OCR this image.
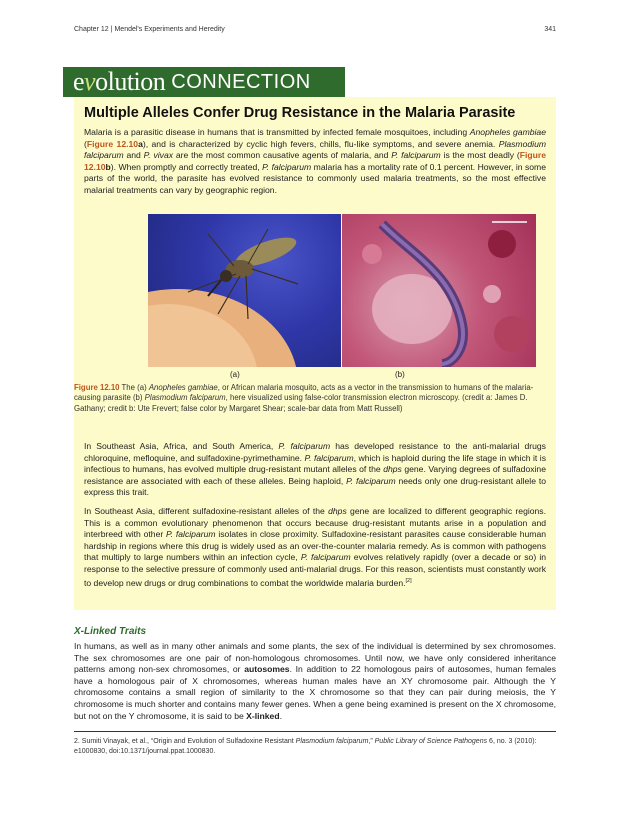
Chapter 12 | Mendel's Experiments and Heredity	341
evolution CONNECTION
Multiple Alleles Confer Drug Resistance in the Malaria Parasite

Malaria is a parasitic disease in humans that is transmitted by infected female mosquitoes, including Anopheles gambiae (Figure 12.10a), and is characterized by cyclic high fevers, chills, flu-like symptoms, and severe anemia. Plasmodium falciparum and P. vivax are the most common causative agents of malaria, and P. falciparum is the most deadly (Figure 12.10b). When promptly and correctly treated, P. falciparum malaria has a mortality rate of 0.1 percent. However, in some parts of the world, the parasite has evolved resistance to commonly used malaria treatments, so the most effective malarial treatments can vary by geographic region.

(a)	(b)

Figure 12.10 The (a) Anopheles gambiae, or African malaria mosquito, acts as a vector in the transmission to humans of the malaria-causing parasite (b) Plasmodium falciparum, here visualized using false-color transmission electron microscopy. (credit a: James D. Gathany; credit b: Ute Frevert; false color by Margaret Shear; scale-bar data from Matt Russell)

In Southeast Asia, Africa, and South America, P. falciparum has developed resistance to the anti-malarial drugs chloroquine, mefloquine, and sulfadoxine-pyrimethamine. P. falciparum, which is haploid during the life stage in which it is infectious to humans, has evolved multiple drug-resistant mutant alleles of the dhps gene. Varying degrees of sulfadoxine resistance are associated with each of these alleles. Being haploid, P. falciparum needs only one drug-resistant allele to express this trait.

In Southeast Asia, different sulfadoxine-resistant alleles of the dhps gene are localized to different geographic regions. This is a common evolutionary phenomenon that occurs because drug-resistant mutants arise in a population and interbreed with other P. falciparum isolates in close proximity. Sulfadoxine-resistant parasites cause considerable human hardship in regions where this drug is widely used as an over-the-counter malaria remedy. As is common with pathogens that multiply to large numbers within an infection cycle, P. falciparum evolves relatively rapidly (over a decade or so) in response to the selective pressure of commonly used anti-malarial drugs. For this reason, scientists must constantly work to develop new drugs or drug combinations to combat the worldwide malaria burden.[2]

X-Linked Traits

In humans, as well as in many other animals and some plants, the sex of the individual is determined by sex chromosomes. The sex chromosomes are one pair of non-homologous chromosomes. Until now, we have only considered inheritance patterns among non-sex chromosomes, or autosomes. In addition to 22 homologous pairs of autosomes, human females have a homologous pair of X chromosomes, whereas human males have an XY chromosome pair. Although the Y chromosome contains a small region of similarity to the X chromosome so that they can pair during meiosis, the Y chromosome is much shorter and contains many fewer genes. When a gene being examined is present on the X chromosome, but not on the Y chromosome, it is said to be X-linked.

2. Sumiti Vinayak, et al., “Origin and Evolution of Sulfadoxine Resistant Plasmodium falciparum,” Public Library of Science Pathogens 6, no. 3 (2010): e1000830, doi:10.1371/journal.ppat.1000830.
